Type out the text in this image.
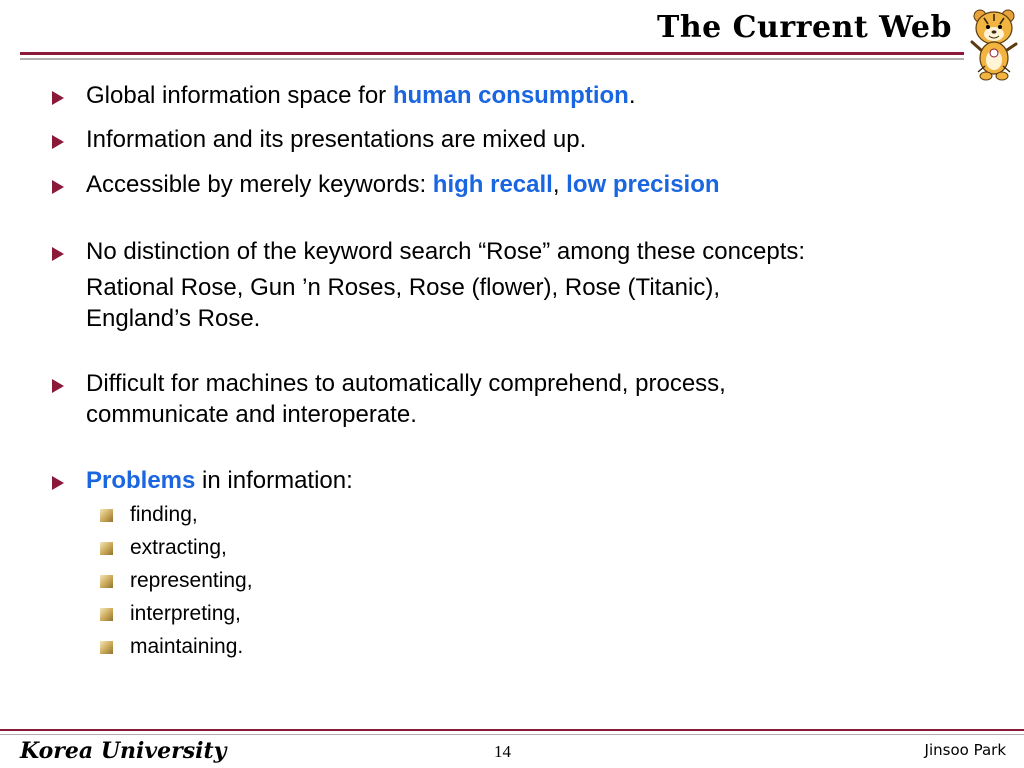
The Current Web
Global information space for human consumption.
Information and its presentations are mixed up.
Accessible by merely keywords: high recall, low precision
No distinction of the keyword search “Rose” among these concepts:
Rational Rose, Gun ’n Roses, Rose (flower), Rose (Titanic),
England’s Rose.
Difficult for machines to automatically comprehend, process,
communicate and interoperate.
Problems in information:
finding,
extracting,
representing,
interpreting,
maintaining.
Korea University	14	Jinsoo Park
